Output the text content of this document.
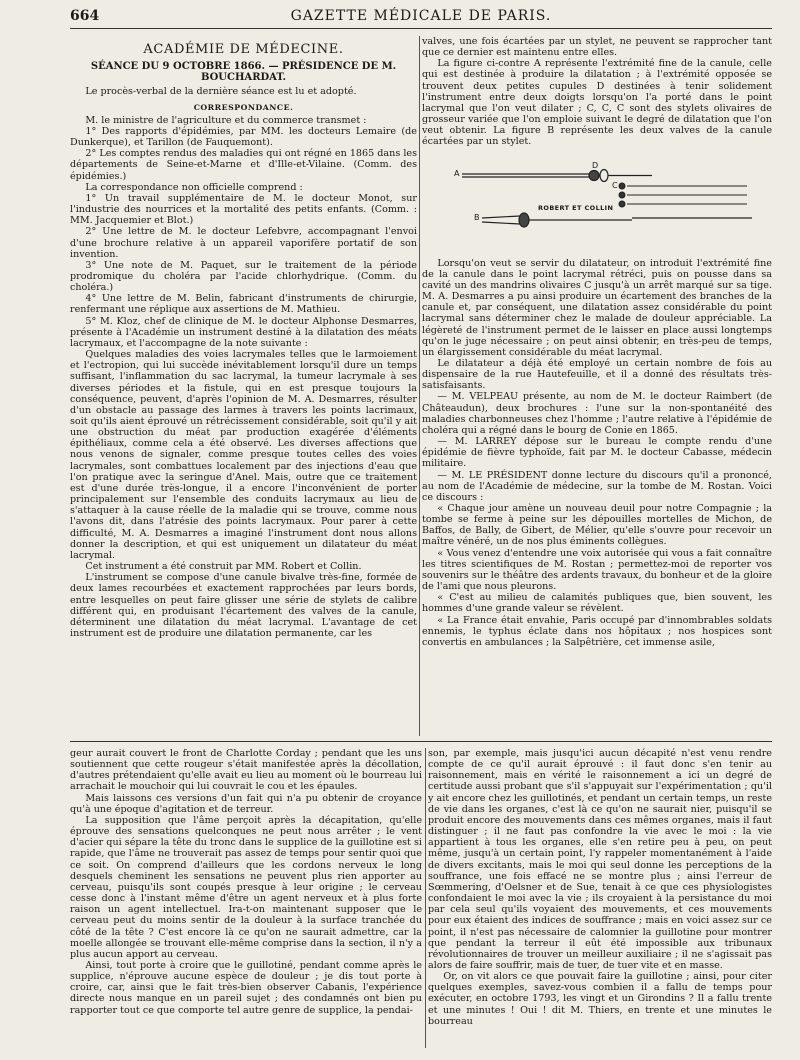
664	GAZETTE MÉDICALE DE PARIS.

ACADÉMIE DE MÉDECINE.

SÉANCE DU 9 OCTOBRE 1866. — PRÉSIDENCE DE M. BOUCHARDAT.

Le procès-verbal de la dernière séance est lu et adopté.

CORRESPONDANCE.

M. le ministre de l'agriculture et du commerce transmet :

1° Des rapports d'épidémies, par MM. les docteurs Lemaire (de Dunkerque), et Tarillon (de Fauquemont).

2° Les comptes rendus des maladies qui ont régné en 1865 dans les départements de Seine-et-Marne et d'Ille-et-Vilaine. (Comm. des épidémies.)

La correspondance non officielle comprend :

1° Un travail supplémentaire de M. le docteur Monot, sur l'industrie des nourrices et la mortalité des petits enfants. (Comm. : MM. Jacquemier et Blot.)

2° Une lettre de M. le docteur Lefebvre, accompagnant l'envoi d'une brochure relative à un appareil vaporifère portatif de son invention.

3° Une note de M. Paquet, sur le traitement de la période prodromique du choléra par l'acide chlorhydrique. (Comm. du choléra.)

4° Une lettre de M. Belin, fabricant d'instruments de chirurgie, renfermant une réplique aux assertions de M. Mathieu.

5° M. Kloz, chef de clinique de M. le docteur Alphonse Desmarres, présente à l'Académie un instrument destiné à la dilatation des méats lacrymaux, et l'accompagne de la note suivante :

Quelques maladies des voies lacrymales telles que le larmoiement et l'ectropion, qui lui succède inévitablement lorsqu'il dure un temps suffisant, l'inflammation du sac lacrymal, la tumeur lacrymale à ses diverses périodes et la fistule, qui en est presque toujours la conséquence, peuvent, d'après l'opinion de M. A. Desmarres, résulter d'un obstacle au passage des larmes à travers les points lacrimaux, soit qu'ils aient éprouvé un rétrécissement considérable, soit qu'il y ait une obstruction du méat par production exagérée d'éléments épithéliaux, comme cela a été observé. Les diverses affections que nous venons de signaler, comme presque toutes celles des voies lacrymales, sont combattues localement par des injections d'eau que l'on pratique avec la seringue d'Anel. Mais, outre que ce traitement est d'une durée très-longue, il a encore l'inconvénient de porter principalement sur l'ensemble des conduits lacrymaux au lieu de s'attaquer à la cause réelle de la maladie qui se trouve, comme nous l'avons dit, dans l'atrésie des points lacrymaux. Pour parer à cette difficulté, M. A. Desmarres a imaginé l'instrument dont nous allons donner la description, et qui est uniquement un dilatateur du méat lacrymal.

Cet instrument a été construit par MM. Robert et Collin.

L'instrument se compose d'une canule bivalve très-fine, formée de deux lames recourbées et exactement rapprochées par leurs bords, entre lesquelles on peut faire glisser une série de stylets de calibre différent qui, en produisant l'écartement des valves de la canule, déterminent une dilatation du méat lacrymal. L'avantage de cet instrument est de produire une dilatation permanente, car les

valves, une fois écartées par un stylet, ne peuvent se rapprocher tant que ce dernier est maintenu entre elles.

La figure ci-contre A représente l'extrémité fine de la canule, celle qui est destinée à produire la dilatation ; à l'extrémité opposée se trouvent deux petites cupules D destinées à tenir solidement l'instrument entre deux doigts lorsqu'on l'a porté dans le point lacrymal que l'on veut dilater ; C, C, C sont des stylets olivaires de grosseur variée que l'on emploie suivant le degré de dilatation que l'on veut obtenir. La figure B représente les deux valves de la canule écartées par un stylet.

A
B
D
C
ROBERT ET COLLIN

Lorsqu'on veut se servir du dilatateur, on introduit l'extrémité fine de la canule dans le point lacrymal rétréci, puis on pousse dans sa cavité un des mandrins olivaires C jusqu'à un arrêt marqué sur sa tige. M. A. Desmarres a pu ainsi produire un écartement des branches de la canule et, par conséquent, une dilatation assez considérable du point lacrymal sans déterminer chez le malade de douleur appréciable. La légèreté de l'instrument permet de le laisser en place aussi longtemps qu'on le juge nécessaire ; on peut ainsi obtenir, en très-peu de temps, un élargissement considérable du méat lacrymal.

Le dilatateur a déjà été employé un certain nombre de fois au dispensaire de la rue Hautefeuille, et il a donné des résultats très-satisfaisants.

— M. VELPEAU présente, au nom de M. le docteur Raimbert (de Châteaudun), deux brochures : l'une sur la non-spontanéité des maladies charbonneuses chez l'homme ; l'autre relative à l'épidémie de choléra qui a régné dans le bourg de Conie en 1865.

— M. LARREY dépose sur le bureau le compte rendu d'une épidémie de fièvre typhoïde, fait par M. le docteur Cabasse, médecin militaire.

— M. LE PRÉSIDENT donne lecture du discours qu'il a prononcé, au nom de l'Académie de médecine, sur la tombe de M. Rostan. Voici ce discours :

« Chaque jour amène un nouveau deuil pour notre Compagnie ; la tombe se ferme à peine sur les dépouilles mortelles de Michon, de Baffos, de Bally, de Gibert, de Mélier, qu'elle s'ouvre pour recevoir un maître vénéré, un de nos plus éminents collègues.

« Vous venez d'entendre une voix autorisée qui vous a fait connaître les titres scientifiques de M. Rostan ; permettez-moi de reporter vos souvenirs sur le théâtre des ardents travaux, du bonheur et de la gloire de l'ami que nous pleurons.

« C'est au milieu de calamités publiques que, bien souvent, les hommes d'une grande valeur se révèlent.

« La France était envahie, Paris occupé par d'innombrables soldats ennemis, le typhus éclate dans nos hôpitaux ; nos hospices sont convertis en ambulances ; la Salpêtrière, cet immense asile,

geur aurait couvert le front de Charlotte Corday ; pendant que les uns soutiennent que cette rougeur s'était manifestée après la décollation, d'autres prétendaient qu'elle avait eu lieu au moment où le bourreau lui arrachait le mouchoir qui lui couvrait le cou et les épaules.

Mais laissons ces versions d'un fait qui n'a pu obtenir de croyance qu'à une époque d'agitation et de terreur.

La supposition que l'âme perçoit après la décapitation, qu'elle éprouve des sensations quelconques ne peut nous arrêter ; le vent d'acier qui sépare la tête du tronc dans le supplice de la guillotine est si rapide, que l'âme ne trouverait pas assez de temps pour sentir quoi que ce soit. On comprend d'ailleurs que les cordons nerveux le long desquels cheminent les sensations ne peuvent plus rien apporter au cerveau, puisqu'ils sont coupés presque à leur origine ; le cerveau cesse donc à l'instant même d'être un agent nerveux et à plus forte raison un agent intellectuel. Ira-t-on maintenant supposer que le cerveau peut du moins sentir de la douleur à la surface tranchée du côté de la tête ? C'est encore là ce qu'on ne saurait admettre, car la moelle allongée se trouvant elle-même comprise dans la section, il n'y a plus aucun apport au cerveau.

Ainsi, tout porte à croire que le guillotiné, pendant comme après le supplice, n'éprouve aucune espèce de douleur ; je dis tout porte à croire, car, ainsi que le fait très-bien observer Cabanis, l'expérience directe nous manque en un pareil sujet ; des condamnés ont bien pu rapporter tout ce que comporte tel autre genre de supplice, la pendai-

son, par exemple, mais jusqu'ici aucun décapité n'est venu rendre compte de ce qu'il aurait éprouvé : il faut donc s'en tenir au raisonnement, mais en vérité le raisonnement a ici un degré de certitude aussi probant que s'il s'appuyait sur l'expérimentation ; qu'il y ait encore chez les guillotinés, et pendant un certain temps, un reste de vie dans les organes, c'est là ce qu'on ne saurait nier, puisqu'il se produit encore des mouvements dans ces mêmes organes, mais il faut distinguer ; il ne faut pas confondre la vie avec le moi : la vie appartient à tous les organes, elle s'en retire peu à peu, on peut même, jusqu'à un certain point, l'y rappeler momentanément à l'aide de divers excitants, mais le moi qui seul donne les perceptions de la souffrance, une fois effacé ne se montre plus ; ainsi l'erreur de Sœmmering, d'Oelsner et de Sue, tenait à ce que ces physiologistes confondaient le moi avec la vie ; ils croyaient à la persistance du moi par cela seul qu'ils voyaient des mouvements, et ces mouvements pour eux étaient des indices de souffrance ; mais en voici assez sur ce point, il n'est pas nécessaire de calomnier la guillotine pour montrer que pendant la terreur il eût été impossible aux tribunaux révolutionnaires de trouver un meilleur auxiliaire ; il ne s'agissait pas alors de faire souffrir, mais de tuer, de tuer vite et en masse.

Or, on vit alors ce que pouvait faire la guillotine ; ainsi, pour citer quelques exemples, savez-vous combien il a fallu de temps pour exécuter, en octobre 1793, les vingt et un Girondins ? Il a fallu trente et une minutes ! Oui ! dit M. Thiers, en trente et une minutes le bourreau
